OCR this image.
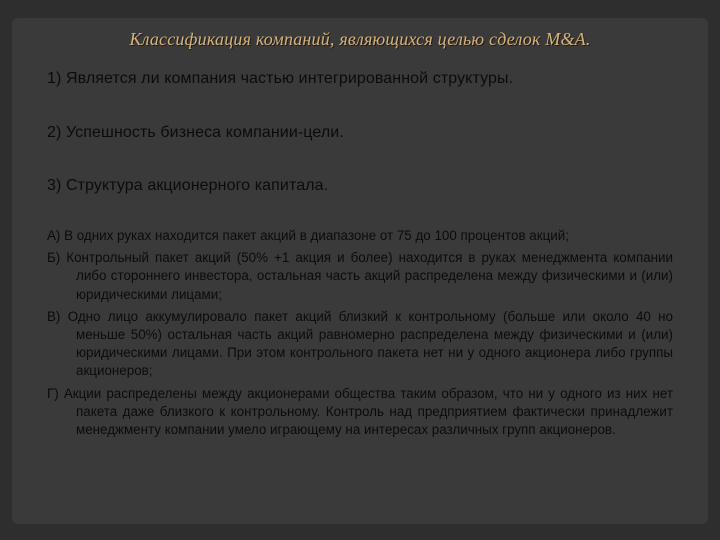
Классификация компаний, являющихся целью сделок M&A.
1) Является ли компания частью интегрированной структуры.
2) Успешность бизнеса компании-цели.
3) Структура акционерного капитала.
А) В одних руках находится пакет акций в диапазоне от 75 до 100 процентов акций;
Б) Контрольный пакет акций (50% +1 акция и более) находится в руках менеджмента компании либо стороннего инвестора, остальная часть акций распределена между физическими и (или) юридическими лицами;
В) Одно лицо аккумулировало пакет акций близкий к контрольному (больше или около 40 но меньше 50%) остальная часть акций равномерно распределена между физическими и (или) юридическими лицами. При этом контрольного пакета нет ни у одного акционера либо группы акционеров;
Г) Акции распределены между акционерами общества таким образом, что ни у одного из них нет пакета даже близкого к контрольному. Контроль над предприятием фактически принадлежит менеджменту компании умело играющему на интересах различных групп акционеров.
